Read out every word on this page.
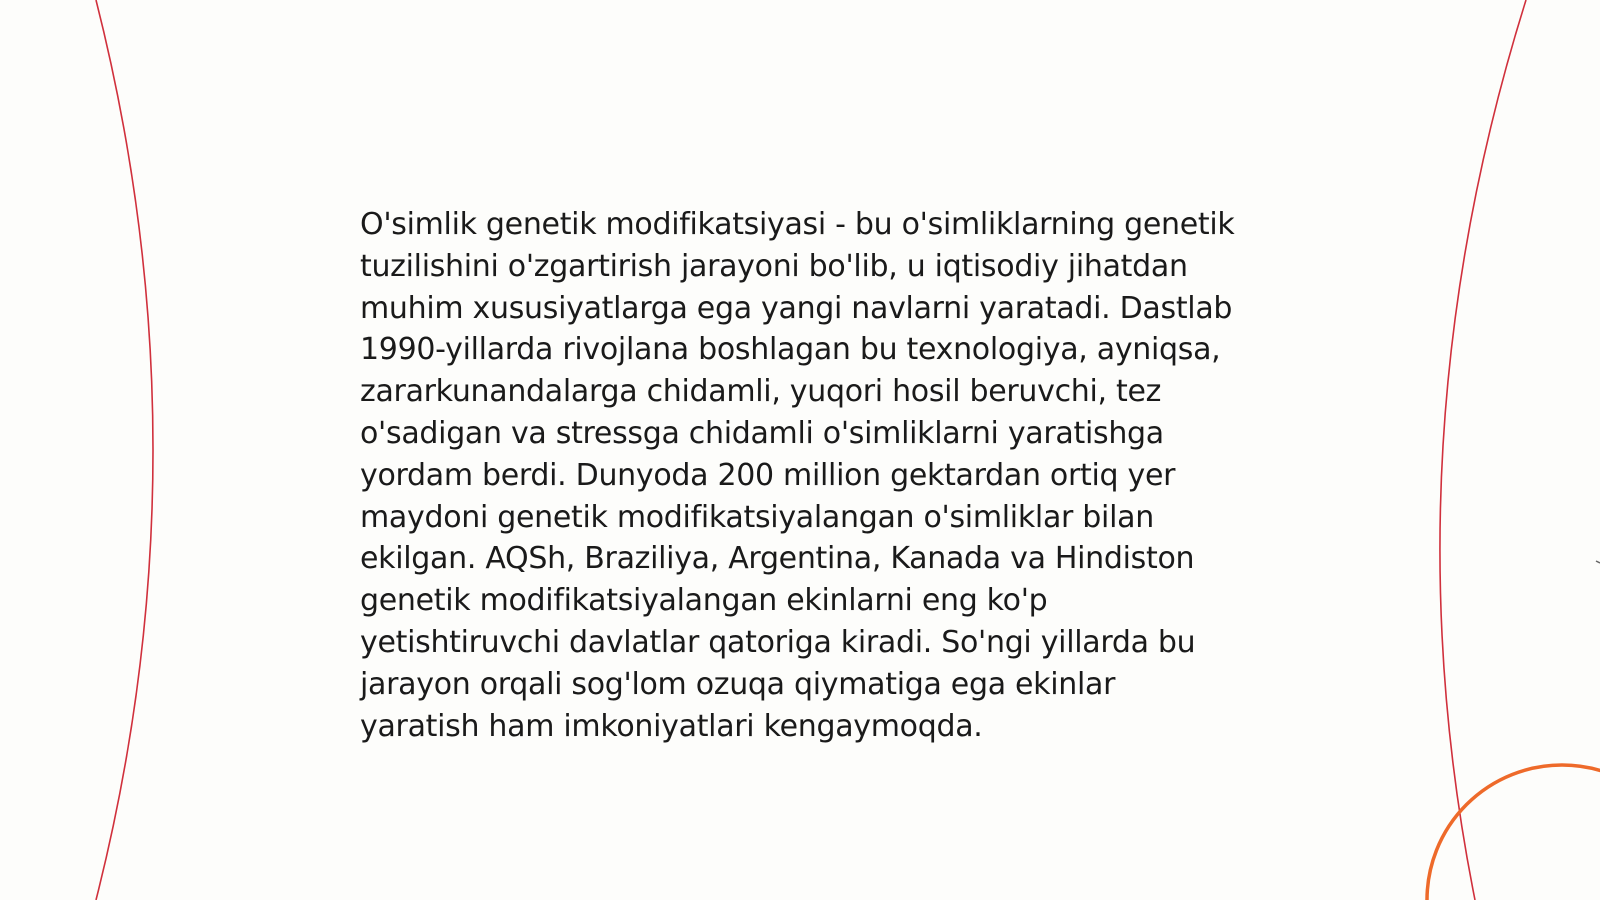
O'simlik genetik modifikatsiyasi - bu o'simliklarning genetik tuzilishini o'zgartirish jarayoni bo'lib, u iqtisodiy jihatdan muhim xususiyatlarga ega yangi navlarni yaratadi. Dastlab 1990-yillarda rivojlana boshlagan bu texnologiya, ayniqsa, zararkunandalarga chidamli, yuqori hosil beruvchi, tez o'sadigan va stressga chidamli o'simliklarni yaratishga yordam berdi. Dunyoda 200 million gektardan ortiq yer maydoni genetik modifikatsiyalangan o'simliklar bilan ekilgan. AQSh, Braziliya, Argentina, Kanada va Hindiston genetik modifikatsiyalangan ekinlarni eng ko'p yetishtiruvchi davlatlar qatoriga kiradi. So'ngi yillarda bu jarayon orqali sog'lom ozuqa qiymatiga ega ekinlar yaratish ham imkoniyatlari kengaymoqda.
